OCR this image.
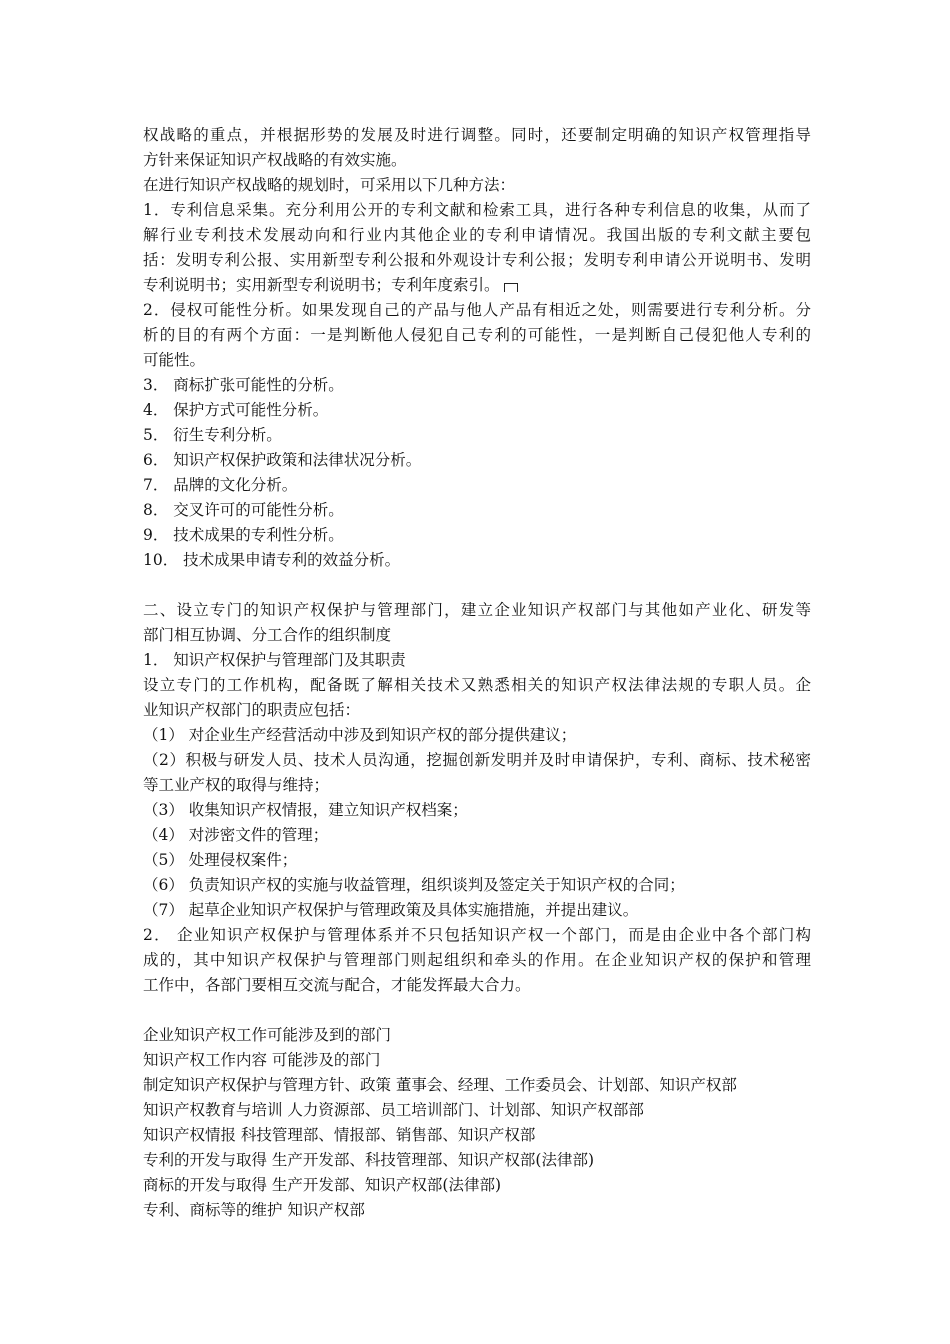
权战略的重点，并根据形势的发展及时进行调整。同时，还要制定明确的知识产权管理指导
方针来保证知识产权战略的有效实施。
在进行知识产权战略的规划时，可采用以下几种方法：
1．专利信息采集。充分利用公开的专利文献和检索工具，进行各种专利信息的收集，从而了
解行业专利技术发展动向和行业内其他企业的专利申请情况。我国出版的专利文献主要包
括：发明专利公报、实用新型专利公报和外观设计专利公报；发明专利申请公开说明书、发明
专利说明书；实用新型专利说明书；专利年度索引。
2．侵权可能性分析。如果发现自己的产品与他人产品有相近之处，则需要进行专利分析。分
析的目的有两个方面：一是判断他人侵犯自己专利的可能性，一是判断自己侵犯他人专利的
可能性。
3． 商标扩张可能性的分析。
4． 保护方式可能性分析。
5． 衍生专利分析。
6． 知识产权保护政策和法律状况分析。
7． 品牌的文化分析。
8． 交叉许可的可能性分析。
9． 技术成果的专利性分析。
10． 技术成果申请专利的效益分析。
二、设立专门的知识产权保护与管理部门，建立企业知识产权部门与其他如产业化、研发等
部门相互协调、分工合作的组织制度
1． 知识产权保护与管理部门及其职责
设立专门的工作机构，配备既了解相关技术又熟悉相关的知识产权法律法规的专职人员。企
业知识产权部门的职责应包括：
（1） 对企业生产经营活动中涉及到知识产权的部分提供建议；
（2）积极与研发人员、技术人员沟通，挖掘创新发明并及时申请保护，专利、商标、技术秘密
等工业产权的取得与维持；
（3） 收集知识产权情报，建立知识产权档案；
（4） 对涉密文件的管理；
（5） 处理侵权案件；
（6） 负责知识产权的实施与收益管理，组织谈判及签定关于知识产权的合同；
（7） 起草企业知识产权保护与管理政策及具体实施措施，并提出建议。
2． 企业知识产权保护与管理体系并不只包括知识产权一个部门，而是由企业中各个部门构
成的，其中知识产权保护与管理部门则起组织和牵头的作用。在企业知识产权的保护和管理
工作中，各部门要相互交流与配合，才能发挥最大合力。
企业知识产权工作可能涉及到的部门
知识产权工作内容 可能涉及的部门
制定知识产权保护与管理方针、政策 董事会、经理、工作委员会、计划部、知识产权部
知识产权教育与培训 人力资源部、员工培训部门、计划部、知识产权部部
知识产权情报 科技管理部、情报部、销售部、知识产权部
专利的开发与取得 生产开发部、科技管理部、知识产权部(法律部)
商标的开发与取得 生产开发部、知识产权部(法律部)
专利、商标等的维护 知识产权部
